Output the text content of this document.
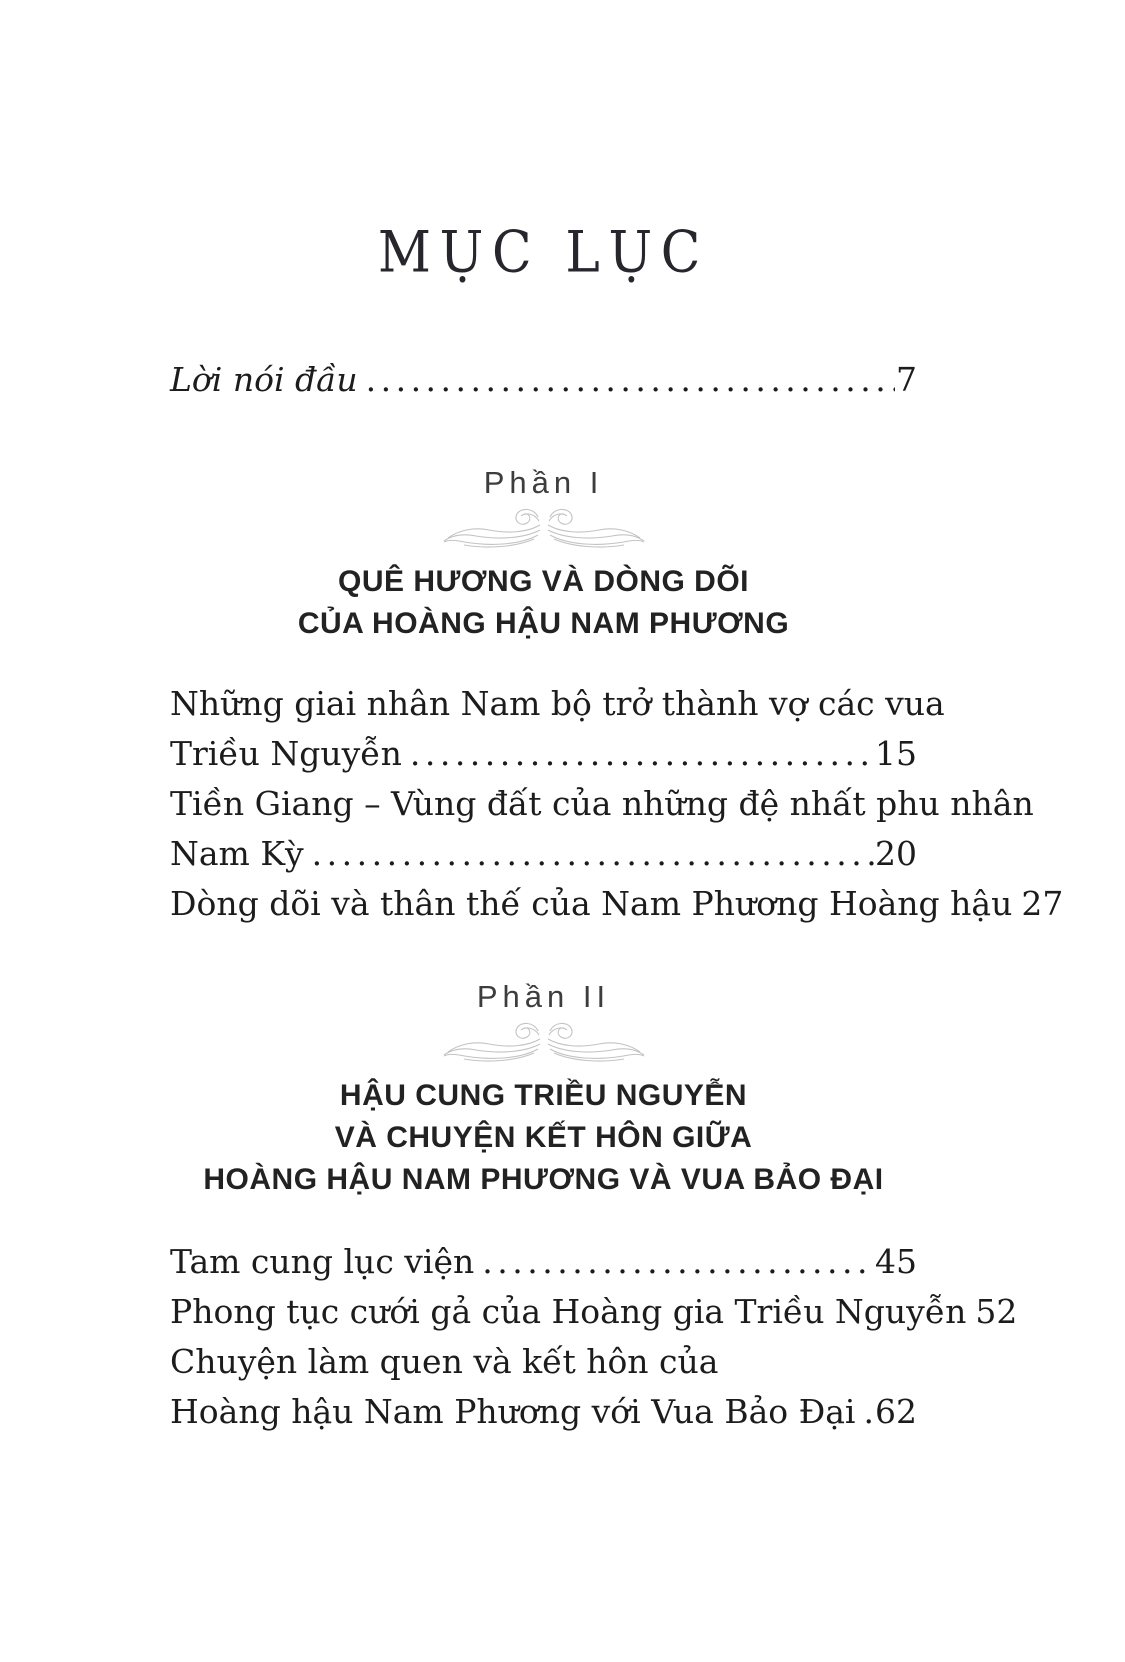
MỤC LỤC
Lời nói đầu .....	7
Phần I
QUÊ HƯƠNG VÀ DÒNG DÕI
CỦA HOÀNG HẬU NAM PHƯƠNG
Những giai nhân Nam bộ trở thành vợ các vua
Triều Nguyễn .....	15
Tiền Giang – Vùng đất của những đệ nhất phu nhân
Nam Kỳ .....	20
Dòng dõi và thân thế của Nam Phương Hoàng hậu 27
Phần II
HẬU CUNG TRIỀU NGUYỄN
VÀ CHUYỆN KẾT HÔN GIỮA
HOÀNG HẬU NAM PHƯƠNG VÀ VUA BẢO ĐẠI
Tam cung lục viện .....	45
Phong tục cưới gả của Hoàng gia Triều Nguyễn 52
Chuyện làm quen và kết hôn của
Hoàng hậu Nam Phương với Vua Bảo Đại ..... 62
